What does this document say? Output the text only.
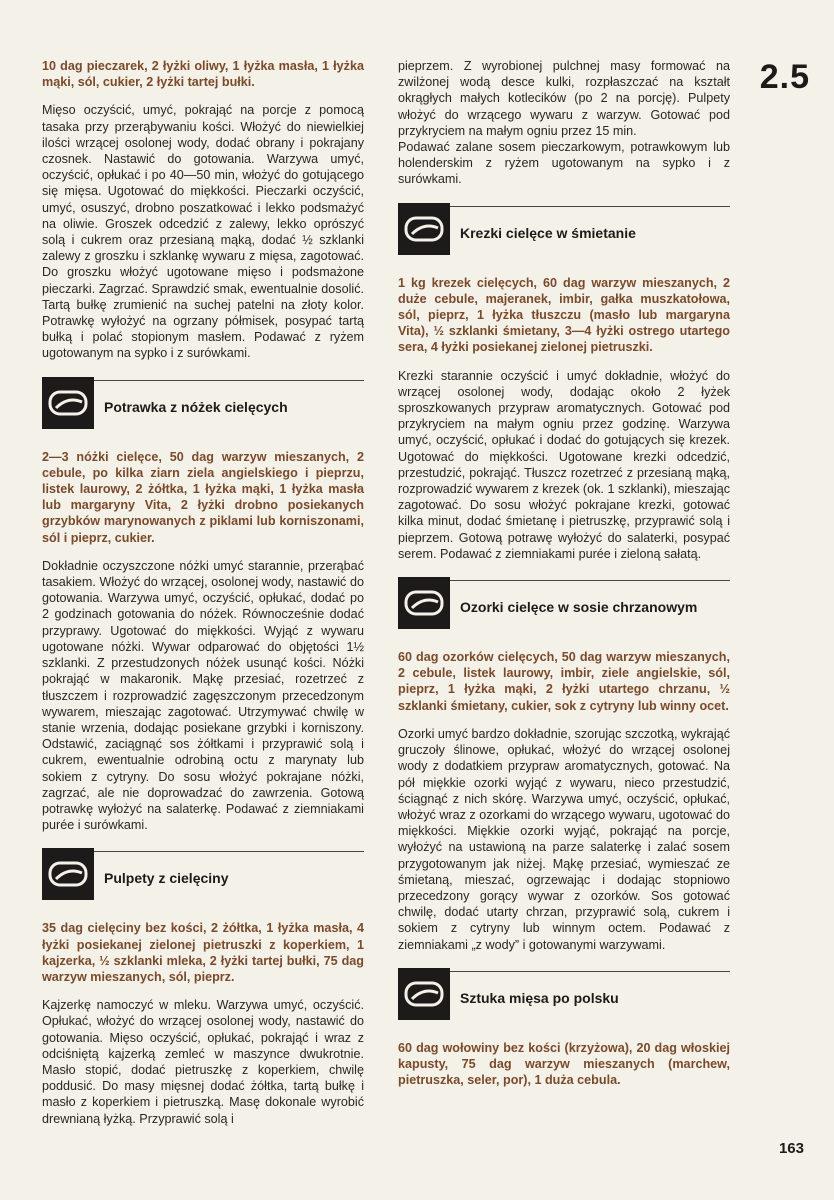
2.5

10 dag pieczarek, 2 łyżki oliwy, 1 łyżka masła, 1 łyżka mąki, sól, cukier, 2 łyżki tartej bułki.

Mięso oczyścić, umyć, pokrająć na porcje z pomocą tasaka przy przerąbywaniu kości. Włożyć do niewielkiej ilości wrzącej osolonej wody, dodać obrany i pokrajany czosnek. Nastawić do gotowania. Warzywa umyć, oczyścić, opłukać i po 40—50 min, włożyć do gotującego się mięsa. Ugotować do miękkości. Pieczarki oczyścić, umyć, osuszyć, drobno poszatkować i lekko podsmażyć na oliwie. Groszek odcedzić z zalewy, lekko oprószyć solą i cukrem oraz przesianą mąką, dodać ½ szklanki zalewy z groszku i szklankę wywaru z mięsa, zagotować. Do groszku włożyć ugotowane mięso i podsmażone pieczarki. Zagrzać. Sprawdzić smak, ewentualnie dosolić. Tartą bułkę zrumienić na suchej patelni na złoty kolor. Potrawkę wyłożyć na ogrzany półmisek, posypać tartą bułką i polać stopionym masłem. Podawać z ryżem ugotowanym na sypko i z surówkami.

Potrawka z nóżek cielęcych

2—3 nóżki cielęce, 50 dag warzyw mieszanych, 2 cebule, po kilka ziarn ziela angielskiego i pieprzu, listek laurowy, 2 żółtka, 1 łyżka mąki, 1 łyżka masła lub margaryny Vita, 2 łyżki drobno posiekanych grzybków marynowanych z piklami lub korniszonami, sól i pieprz, cukier.

Dokładnie oczyszczone nóżki umyć starannie, przerąbać tasakiem. Włożyć do wrzącej, osolonej wody, nastawić do gotowania. Warzywa umyć, oczyścić, opłukać, dodać po 2 godzinach gotowania do nóżek. Równocześnie dodać przyprawy. Ugotować do miękkości. Wyjąć z wywaru ugotowane nóżki. Wywar odparować do objętości 1½ szklanki. Z przestudzonych nóżek usunąć kości. Nóżki pokrająć w makaronik. Mąkę przesiać, rozetrzeć z tłuszczem i rozprowadzić zagęszczonym przecedzonym wywarem, mieszając zagotować. Utrzymywać chwilę w stanie wrzenia, dodając posiekane grzybki i korniszony. Odstawić, zaciągnąć sos żółtkami i przyprawić solą i cukrem, ewentualnie odrobiną octu z marynaty lub sokiem z cytryny. Do sosu włożyć pokrajane nóżki, zagrzać, ale nie doprowadzać do zawrzenia. Gotową potrawkę wyłożyć na salaterkę. Podawać z ziemniakami purée i surówkami.

Pulpety z cielęciny

35 dag cielęciny bez kości, 2 żółtka, 1 łyżka masła, 4 łyżki posiekanej zielonej pietruszki z koperkiem, 1 kajzerka, ½ szklanki mleka, 2 łyżki tartej bułki, 75 dag warzyw mieszanych, sól, pieprz.

Kajzerkę namoczyć w mleku. Warzywa umyć, oczyścić. Opłukać, włożyć do wrzącej osolonej wody, nastawić do gotowania. Mięso oczyścić, opłukać, pokrająć i wraz z odciśniętą kajzerką zemleć w maszynce dwukrotnie. Masło stopić, dodać pietruszkę z koperkiem, chwilę poddusić. Do masy mięsnej dodać żółtka, tartą bułkę i masło z koperkiem i pietruszką. Masę dokonale wyrobić drewnianą łyżką. Przyprawić solą i

pieprzem. Z wyrobionej pulchnej masy formować na zwilżonej wodą desce kulki, rozpłaszczać na kształt okrągłych małych kotlecików (po 2 na porcję). Pulpety włożyć do wrzącego wywaru z warzyw. Gotować pod przykryciem na małym ogniu przez 15 min.

Podawać zalane sosem pieczarkowym, potrawkowym lub holenderskim z ryżem ugotowanym na sypko i z surówkami.

Krezki cielęce w śmietanie

1 kg krezek cielęcych, 60 dag warzyw mieszanych, 2 duże cebule, majeranek, imbir, gałka muszkatołowa, sól, pieprz, 1 łyżka tłuszczu (masło lub margaryna Vita), ½ szklanki śmietany, 3—4 łyżki ostrego utartego sera, 4 łyżki posiekanej zielonej pietruszki.

Krezki starannie oczyścić i umyć dokładnie, włożyć do wrzącej osolonej wody, dodając około 2 łyżek sproszkowanych przypraw aromatycznych. Gotować pod przykryciem na małym ogniu przez godzinę. Warzywa umyć, oczyścić, opłukać i dodać do gotujących się krezek. Ugotować do miękkości. Ugotowane krezki odcedzić, przestudzić, pokrająć. Tłuszcz rozetrzeć z przesianą mąką, rozprowadzić wywarem z krezek (ok. 1 szklanki), mieszając zagotować. Do sosu włożyć pokrajane krezki, gotować kilka minut, dodać śmietanę i pietruszkę, przyprawić solą i pieprzem. Gotową potrawę wyłożyć do salaterki, posypać serem. Podawać z ziemniakami purée i zieloną sałatą.

Ozorki cielęce w sosie chrzanowym

60 dag ozorków cielęcych, 50 dag warzyw mieszanych, 2 cebule, listek laurowy, imbir, ziele angielskie, sól, pieprz, 1 łyżka mąki, 2 łyżki utartego chrzanu, ½ szklanki śmietany, cukier, sok z cytryny lub winny ocet.

Ozorki umyć bardzo dokładnie, szorując szczotką, wykrająć gruczoły ślinowe, opłukać, włożyć do wrzącej osolonej wody z dodatkiem przypraw aromatycznych, gotować. Na pół miękkie ozorki wyjąć z wywaru, nieco przestudzić, ściągnąć z nich skórę. Warzywa umyć, oczyścić, opłukać, włożyć wraz z ozorkami do wrzącego wywaru, ugotować do miękkości. Miękkie ozorki wyjąć, pokrająć na porcje, wyłożyć na ustawioną na parze salaterkę i zalać sosem przygotowanym jak niżej. Mąkę przesiać, wymieszać ze śmietaną, mieszać, ogrzewając i dodając stopniowo przecedzony gorący wywar z ozorków. Sos gotować chwilę, dodać utarty chrzan, przyprawić solą, cukrem i sokiem z cytryny lub winnym octem. Podawać z ziemniakami „z wody” i gotowanymi warzywami.

Sztuka mięsa po polsku

60 dag wołowiny bez kości (krzyżowa), 20 dag włoskiej kapusty, 75 dag warzyw mieszanych (marchew, pietruszka, seler, por), 1 duża cebula.

163
